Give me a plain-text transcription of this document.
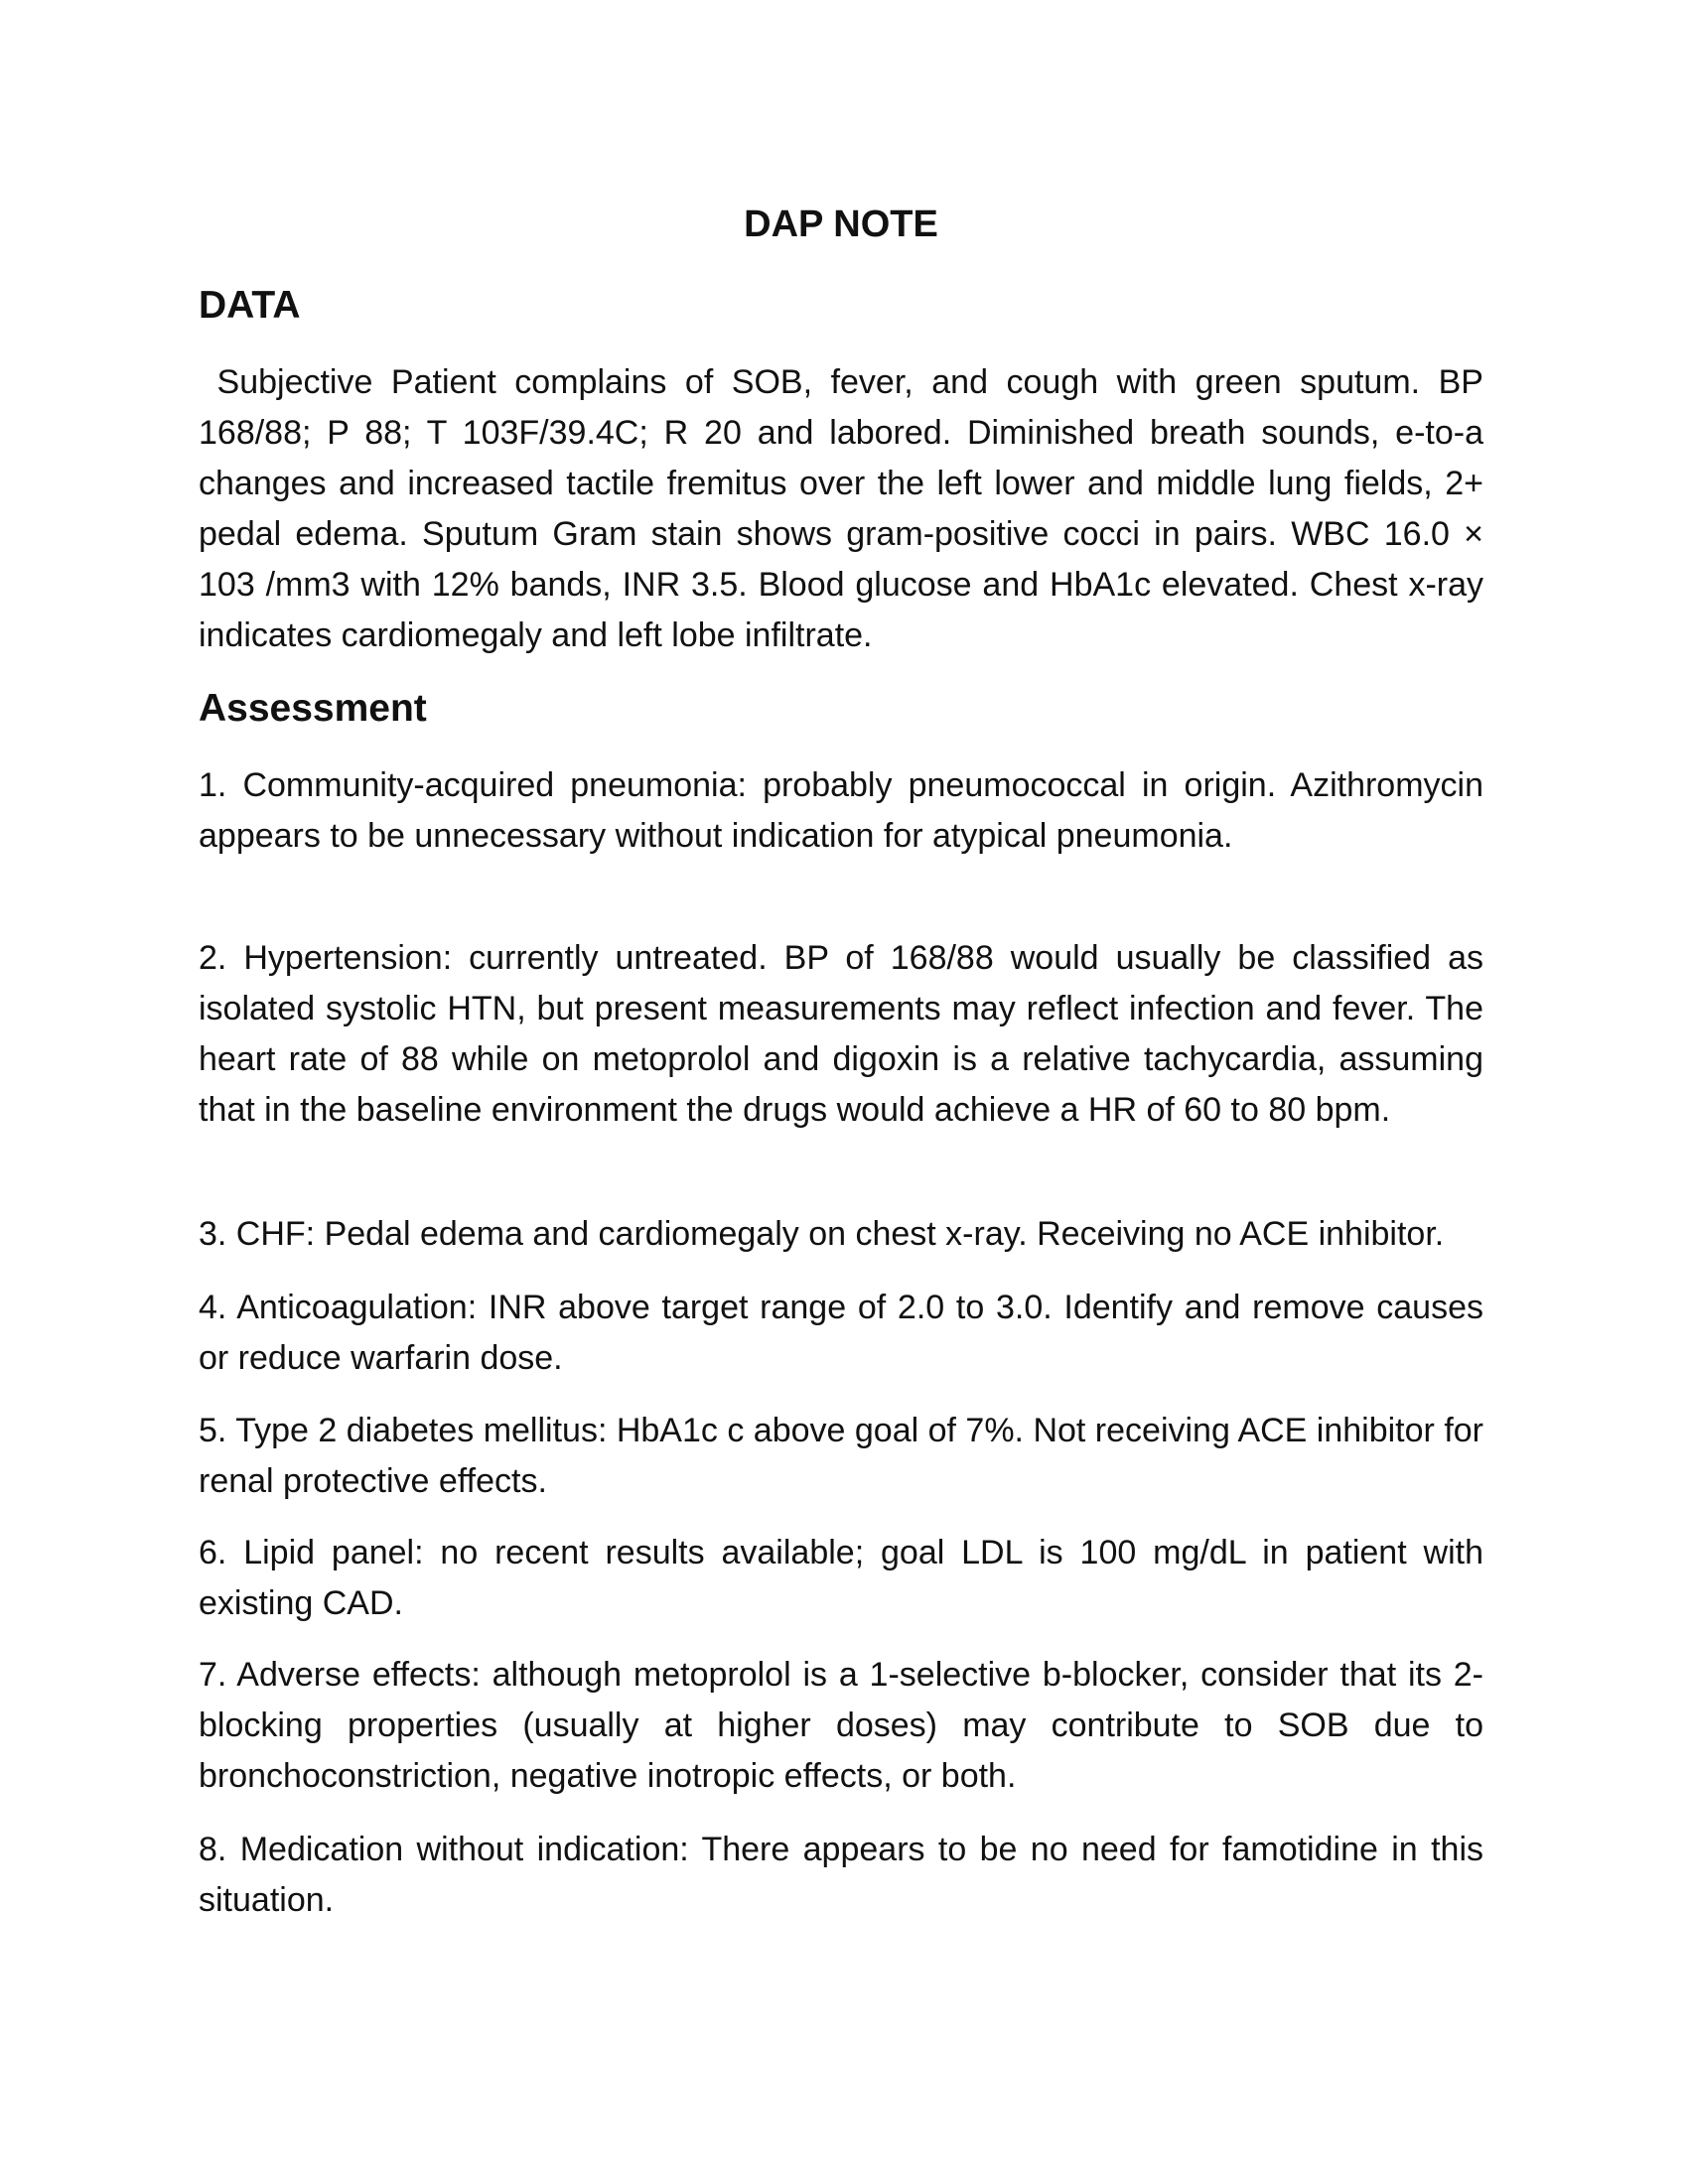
DAP NOTE
DATA

Subjective Patient complains of SOB, fever, and cough with green sputum. BP 168/88; P 88; T 103F/39.4C; R 20 and labored. Diminished breath sounds, e-to-a changes and increased tactile fremitus over the left lower and middle lung fields, 2+ pedal edema. Sputum Gram stain shows gram-positive cocci in pairs. WBC 16.0 × 103 /mm3 with 12% bands, INR 3.5. Blood glucose and HbA1c elevated. Chest x-ray indicates cardiomegaly and left lobe infiltrate.

Assessment

1. Community-acquired pneumonia: probably pneumococcal in origin. Azithromycin appears to be unnecessary without indication for atypical pneumonia.

2. Hypertension: currently untreated. BP of 168/88 would usually be classified as isolated systolic HTN, but present measurements may reflect infection and fever. The heart rate of 88 while on metoprolol and digoxin is a relative tachycardia, assuming that in the baseline environment the drugs would achieve a HR of 60 to 80 bpm.

3. CHF: Pedal edema and cardiomegaly on chest x-ray. Receiving no ACE inhibitor.

4. Anticoagulation: INR above target range of 2.0 to 3.0. Identify and remove causes or reduce warfarin dose.

5. Type 2 diabetes mellitus: HbA1c c above goal of 7%. Not receiving ACE inhibitor for renal protective effects.

6. Lipid panel: no recent results available; goal LDL is 100 mg/dL in patient with existing CAD.

7. Adverse effects: although metoprolol is a 1-selective b-blocker, consider that its 2-blocking properties (usually at higher doses) may contribute to SOB due to bronchoconstriction, negative inotropic effects, or both.

8. Medication without indication: There appears to be no need for famotidine in this situation.
